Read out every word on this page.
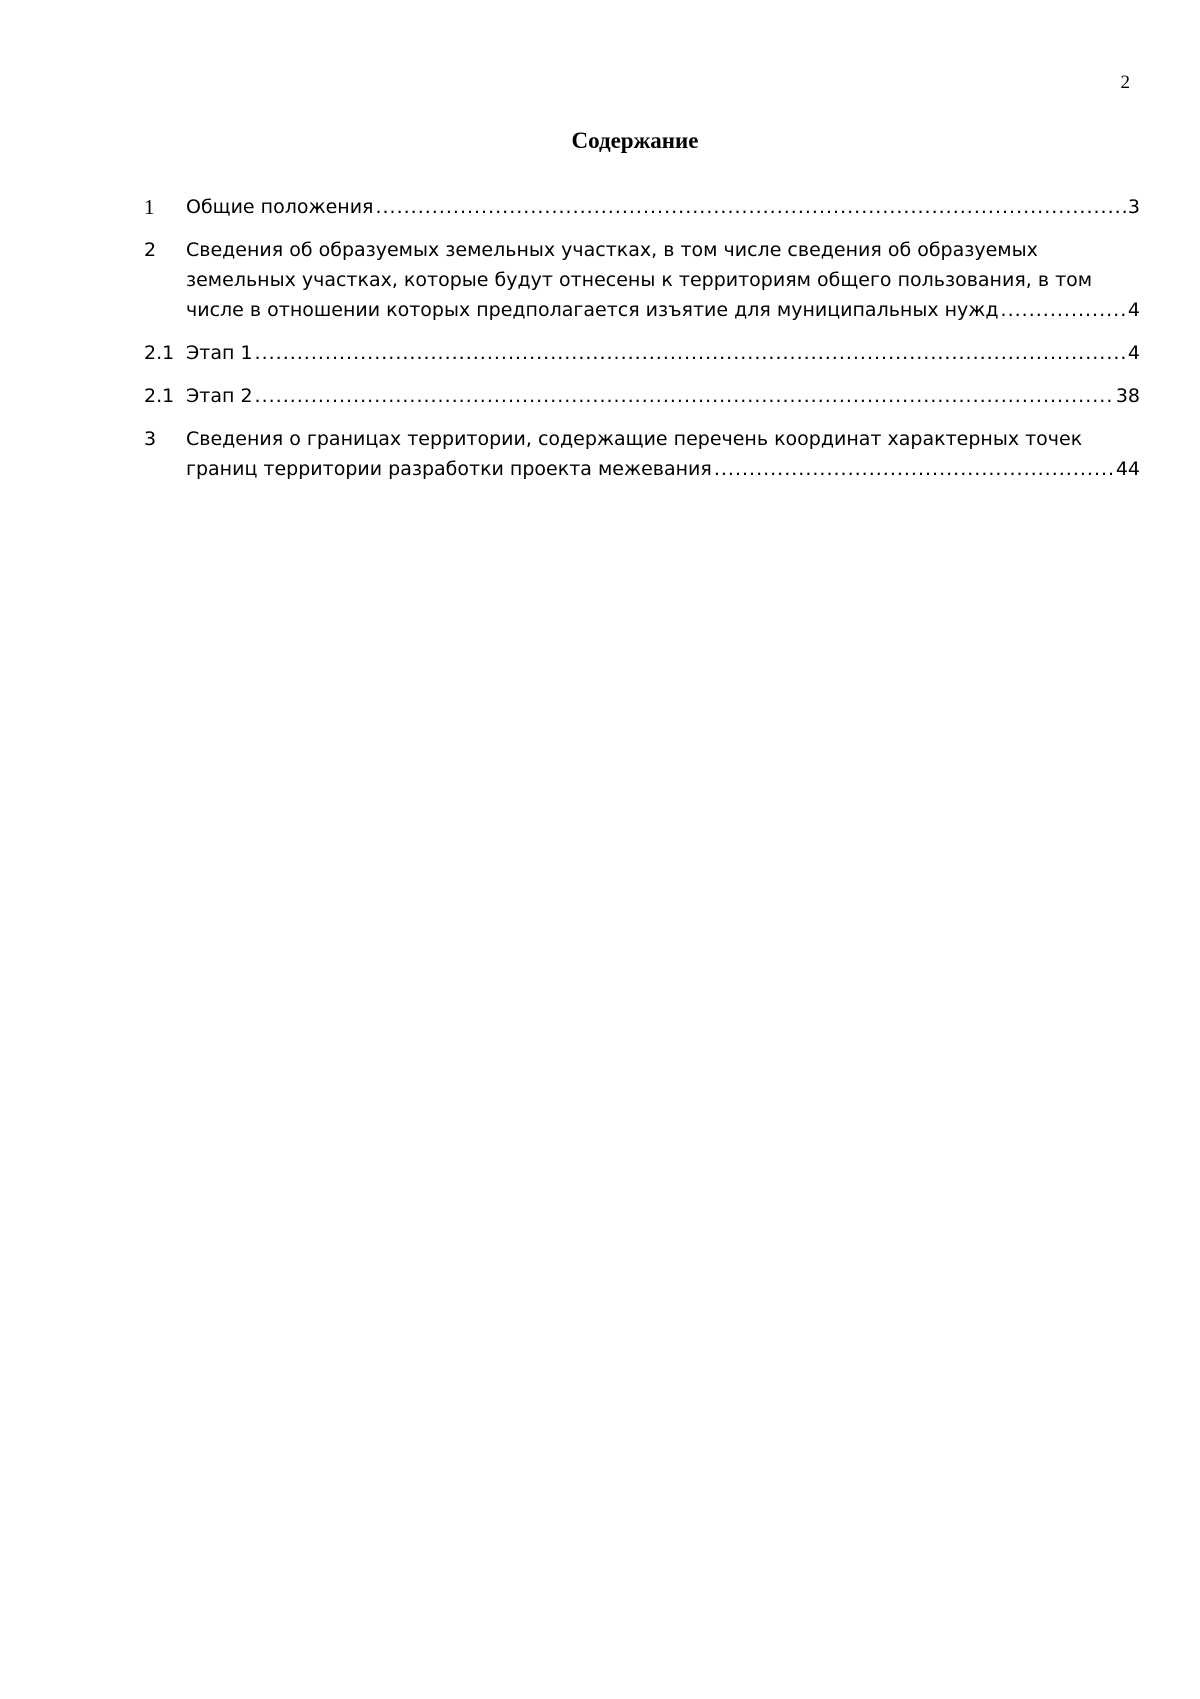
2
Содержание
1 Общие положения .....	3
2 Сведения об образуемых земельных участках, в том числе сведения об образуемых
земельных участках, которые будут отнесены к территориям общего пользования, в том
числе в отношении которых предполагается изъятие для муниципальных нужд .....	4
2.1 Этап 1 .....	4
2.1 Этап 2 .....	38
3 Сведения о границах территории, содержащие перечень координат характерных точек
границ территории разработки проекта межевания .....	44
